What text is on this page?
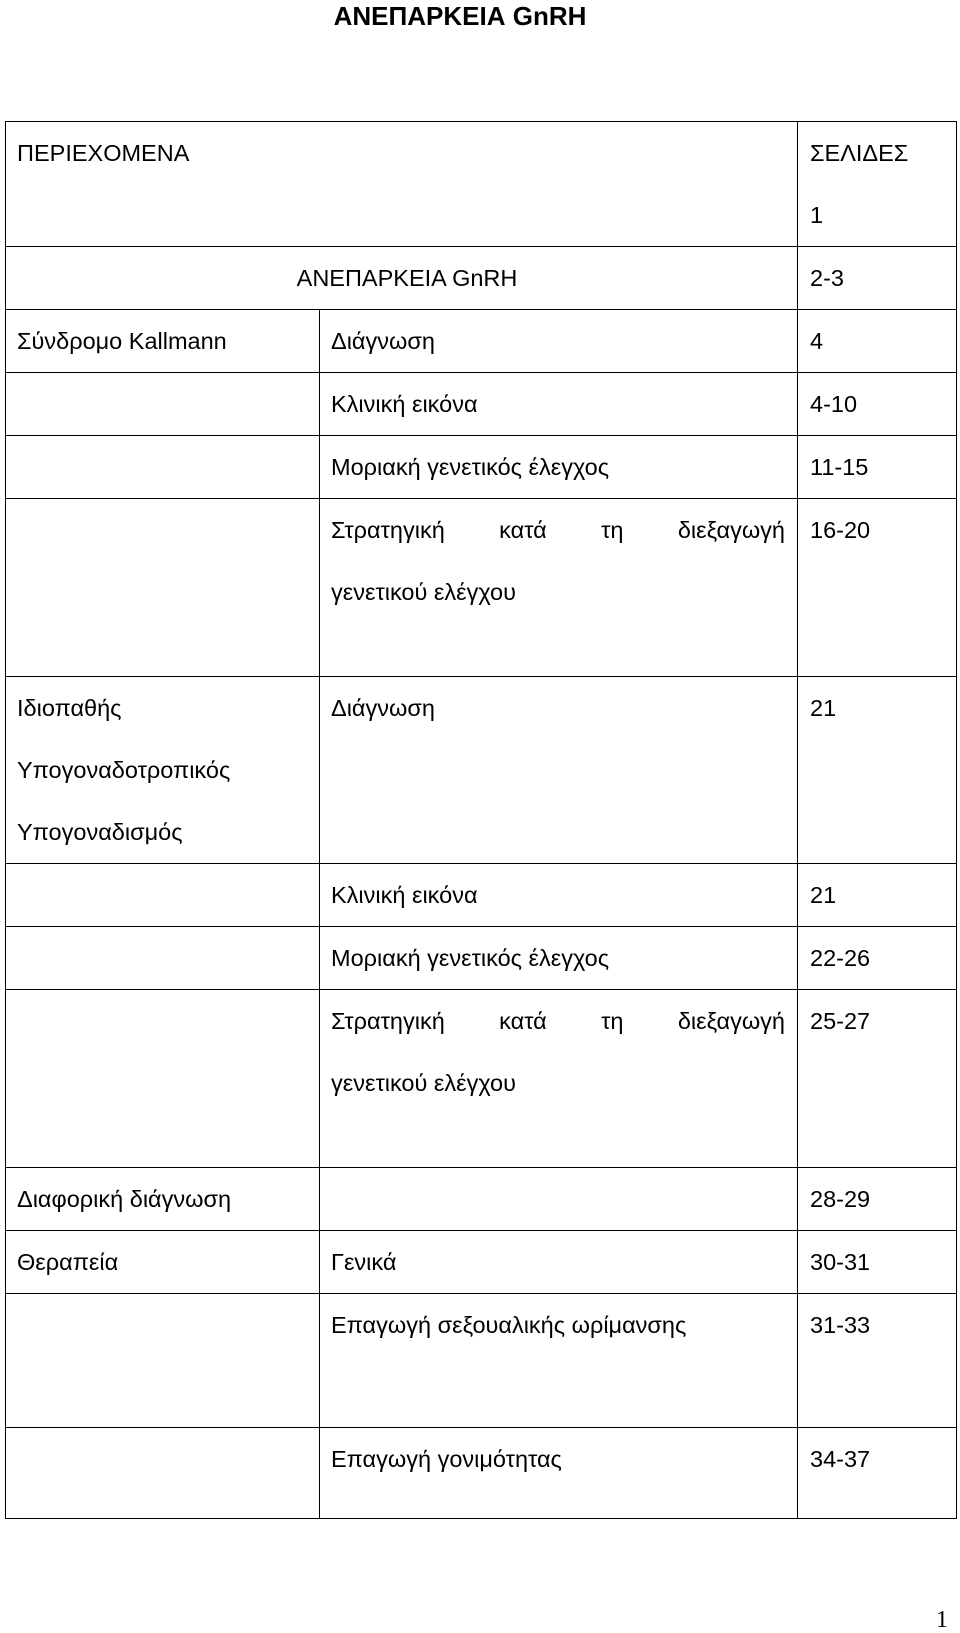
ΑΝΕΠΑΡΚΕΙΑ GnRH
ΠΕΡΙΕΧΟΜΕΝΑ		ΣΕΛΙΔΕΣ
1

ΑΝΕΠΑΡΚΕΙΑ GnRH		2-3
Σύνδρομο Kallmann	Διάγνωση	4
	Κλινική εικόνα	4-10
	Μοριακή γενετικός έλεγχος	11-15

	Στρατηγική κατά τη διεξαγωγή
γενετικού ελέγχου	16-20

Ιδιοπαθής
Υπογοναδοτροπικός
Υπογοναδισμός	Διάγνωση	21
	Κλινική εικόνα	21
	Μοριακή γενετικός έλεγχος	22-26

	Στρατηγική κατά τη διεξαγωγή
γενετικού ελέγχου	25-27
Διαφορική διάγνωση		28-29
Θεραπεία	Γενικά	30-31
	Επαγωγή σεξουαλικής ωρίμανσης	31-33
	Επαγωγή γονιμότητας	34-37
1
